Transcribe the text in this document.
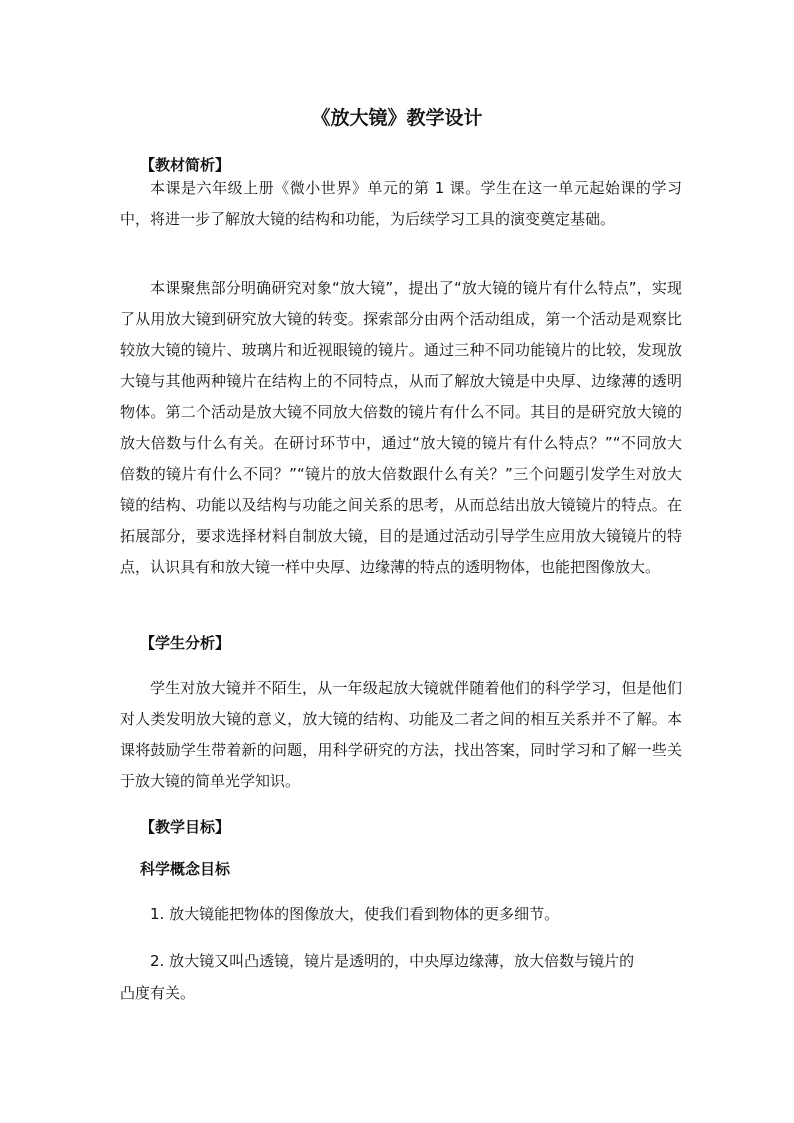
《放大镜》教学设计
【教材简析】

本课是六年级上册《微小世界》单元的第 1 课。学生在这一单元起始课的学习中，将进一步了解放大镜的结构和功能，为后续学习工具的演变奠定基础。

本课聚焦部分明确研究对象“放大镜”，提出了“放大镜的镜片有什么特点”，实现了从用放大镜到研究放大镜的转变。探索部分由两个活动组成，第一个活动是观察比较放大镜的镜片、玻璃片和近视眼镜的镜片。通过三种不同功能镜片的比较，发现放大镜与其他两种镜片在结构上的不同特点，从而了解放大镜是中央厚、边缘薄的透明物体。第二个活动是放大镜不同放大倍数的镜片有什么不同。其目的是研究放大镜的放大倍数与什么有关。在研讨环节中，通过“放大镜的镜片有什么特点？”“不同放大倍数的镜片有什么不同？”“镜片的放大倍数跟什么有关？”三个问题引发学生对放大镜的结构、功能以及结构与功能之间关系的思考，从而总结出放大镜镜片的特点。在拓展部分，要求选择材料自制放大镜，目的是通过活动引导学生应用放大镜镜片的特点，认识具有和放大镜一样中央厚、边缘薄的特点的透明物体，也能把图像放大。

【学生分析】

学生对放大镜并不陌生，从一年级起放大镜就伴随着他们的科学学习，但是他们对人类发明放大镜的意义，放大镜的结构、功能及二者之间的相互关系并不了解。本课将鼓励学生带着新的问题，用科学研究的方法，找出答案，同时学习和了解一些关于放大镜的简单光学知识。

【教学目标】
科学概念目标
1. 放大镜能把物体的图像放大，使我们看到物体的更多细节。
2. 放大镜又叫凸透镜，镜片是透明的，中央厚边缘薄，放大倍数与镜片的
凸度有关。
